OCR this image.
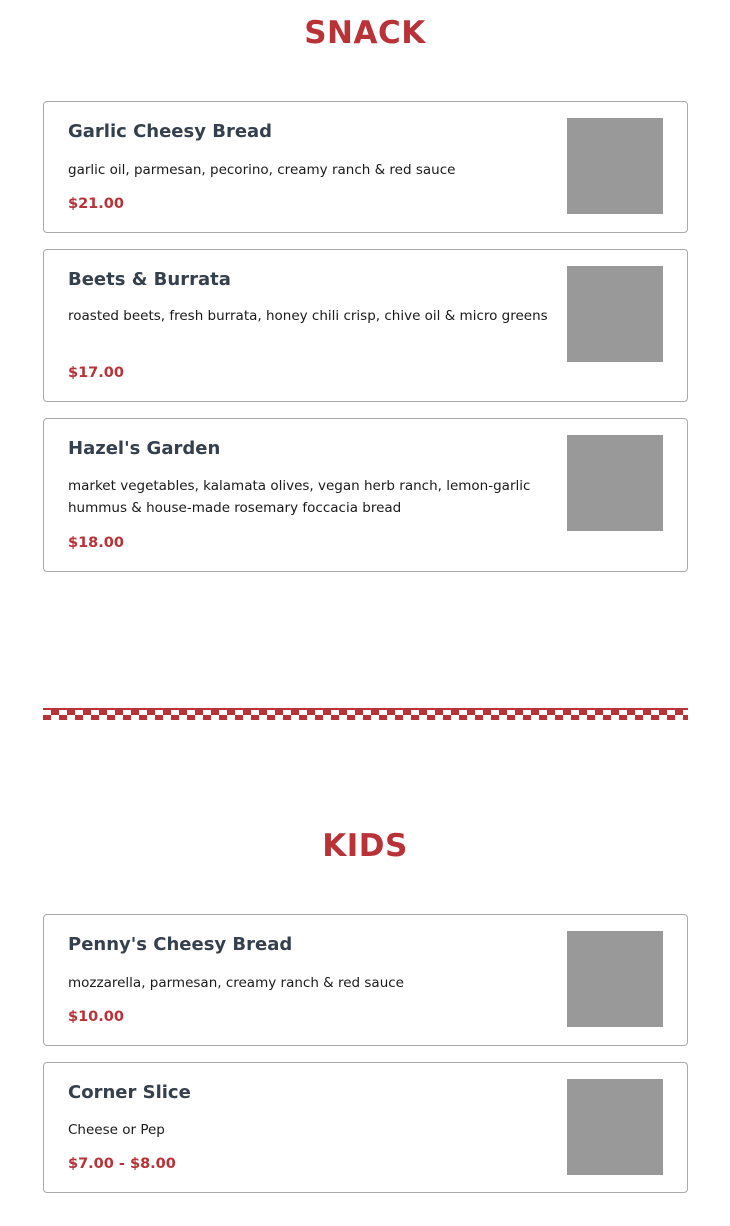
SNACK
Garlic Cheesy Bread
garlic oil, parmesan, pecorino, creamy ranch & red sauce
$21.00
Beets & Burrata
roasted beets, fresh burrata, honey chili crisp, chive oil & micro greens
$17.00
Hazel's Garden
market vegetables, kalamata olives, vegan herb ranch, lemon-garlic hummus & house-made rosemary foccacia bread
$18.00
KIDS
Penny's Cheesy Bread
mozzarella, parmesan, creamy ranch & red sauce
$10.00
Corner Slice
Cheese or Pep
$7.00 - $8.00
